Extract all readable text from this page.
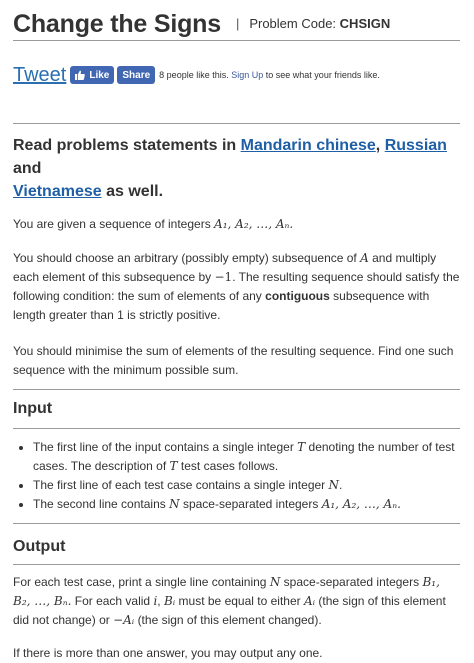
Change the Signs | Problem Code: CHSIGN
Tweet Like	Share	8 people like this. Sign Up to see what your friends like.
Read problems statements in Mandarin chinese, Russian and
Vietnamese as well.

You are given a sequence of integers A₁, A₂, …, Aₙ.

You should choose an arbitrary (possibly empty) subsequence of A and multiply each element of this subsequence by −1. The resulting sequence should satisfy the following condition: the sum of elements of any contiguous subsequence with length greater than 1 is strictly positive.

You should minimise the sum of elements of the resulting sequence. Find one such sequence with the minimum possible sum.

Input
• The first line of the input contains a single integer T denoting the number of test cases. The description of T test cases follows.
• The first line of each test case contains a single integer N.
• The second line contains N space-separated integers A₁, A₂, …, Aₙ.
Output

For each test case, print a single line containing N space-separated integers B₁, B₂, …, Bₙ. For each valid i, Bᵢ must be equal to either Aᵢ (the sign of this element did not change) or −Aᵢ (the sign of this element changed).

If there is more than one answer, you may output any one.
